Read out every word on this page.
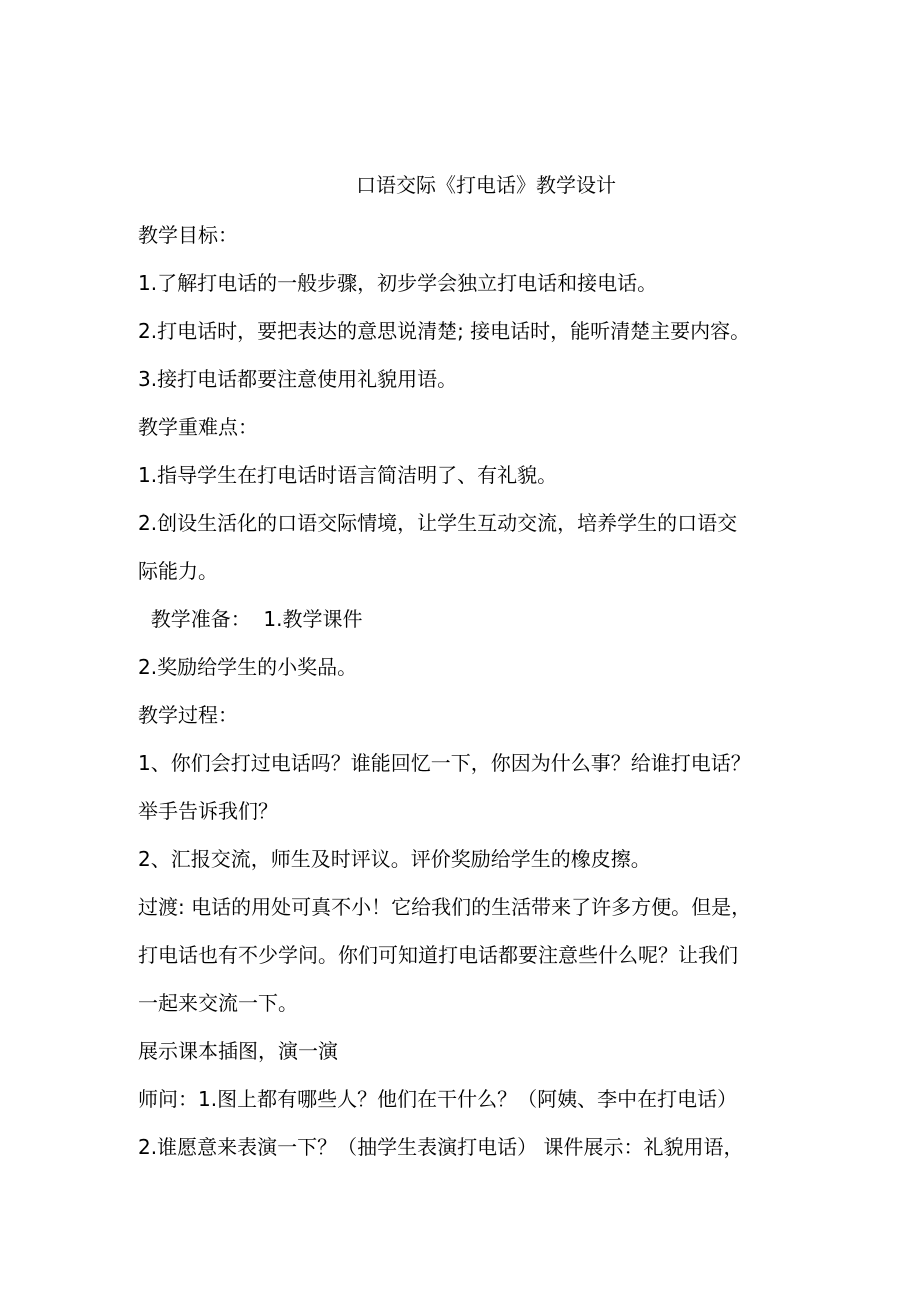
口语交际《打电话》教学设计
教学目标：
1.了解打电话的一般步骤，初步学会独立打电话和接电话。
2.打电话时，要把表达的意思说清楚; 接电话时，能听清楚主要内容。
3.接打电话都要注意使用礼貌用语。
教学重难点：
1.指导学生在打电话时语言简洁明了、有礼貌。
2.创设生活化的口语交际情境，让学生互动交流，培养学生的口语交
际能力。
教学准备：  1.教学课件
2.奖励给学生的小奖品。
教学过程：
1、你们会打过电话吗？谁能回忆一下，你因为什么事？给谁打电话？
举手告诉我们？
2、汇报交流，师生及时评议。评价奖励给学生的橡皮擦。
过渡: 电话的用处可真不小！它给我们的生活带来了许多方便。但是，
打电话也有不少学问。你们可知道打电话都要注意些什么呢？让我们
一起来交流一下。
展示课本插图，演一演
师问：1.图上都有哪些人？他们在干什么？（阿姨、李中在打电话）
2.谁愿意来表演一下？（抽学生表演打电话） 课件展示：礼貌用语，
